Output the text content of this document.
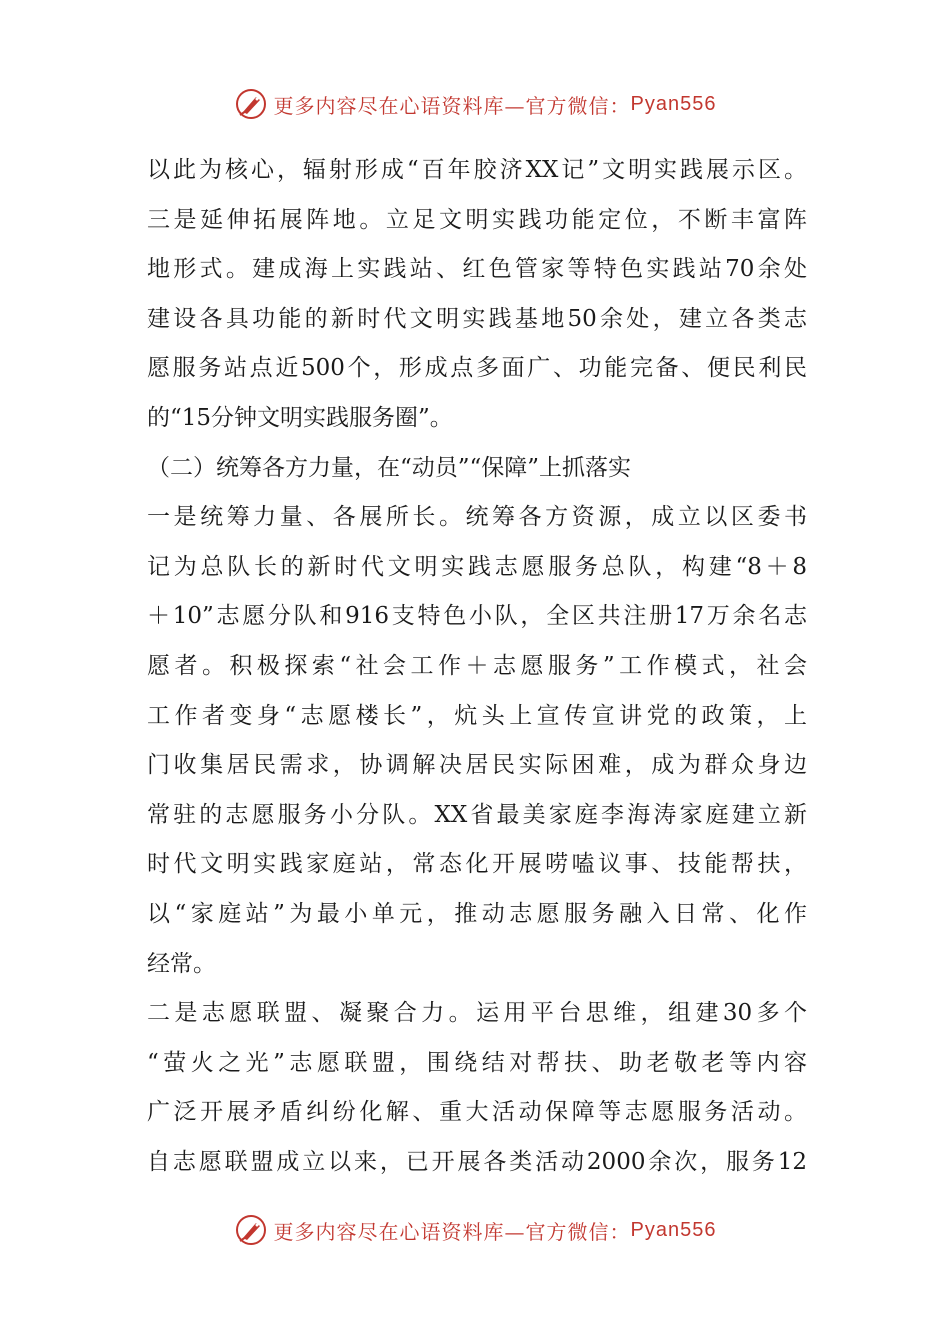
更多内容尽在心语资料库—官方微信： Pyan556
以此为核心，辐射形成“百年胶济XX记”文明实践展示区。
三是延伸拓展阵地。立足文明实践功能定位，不断丰富阵
地形式。建成海上实践站、红色管家等特色实践站70余处
建设各具功能的新时代文明实践基地50余处，建立各类志
愿服务站点近500个，形成点多面广、功能完备、便民利民
的“15分钟文明实践服务圈”。
（二）统筹各方力量，在“动员”“保障”上抓落实
一是统筹力量、各展所长。统筹各方资源，成立以区委书
记为总队长的新时代文明实践志愿服务总队，构建“8＋8
＋10”志愿分队和916支特色小队，全区共注册17万余名志
愿者。积极探索“社会工作＋志愿服务”工作模式，社会
工作者变身“志愿楼长”，炕头上宣传宣讲党的政策，上
门收集居民需求，协调解决居民实际困难，成为群众身边
常驻的志愿服务小分队。XX省最美家庭李海涛家庭建立新
时代文明实践家庭站，常态化开展唠嗑议事、技能帮扶，
以“家庭站”为最小单元，推动志愿服务融入日常、化作
经常。
二是志愿联盟、凝聚合力。运用平台思维，组建30多个
“萤火之光”志愿联盟，围绕结对帮扶、助老敬老等内容
广泛开展矛盾纠纷化解、重大活动保障等志愿服务活动。
自志愿联盟成立以来，已开展各类活动2000余次，服务12
更多内容尽在心语资料库—官方微信： Pyan556
